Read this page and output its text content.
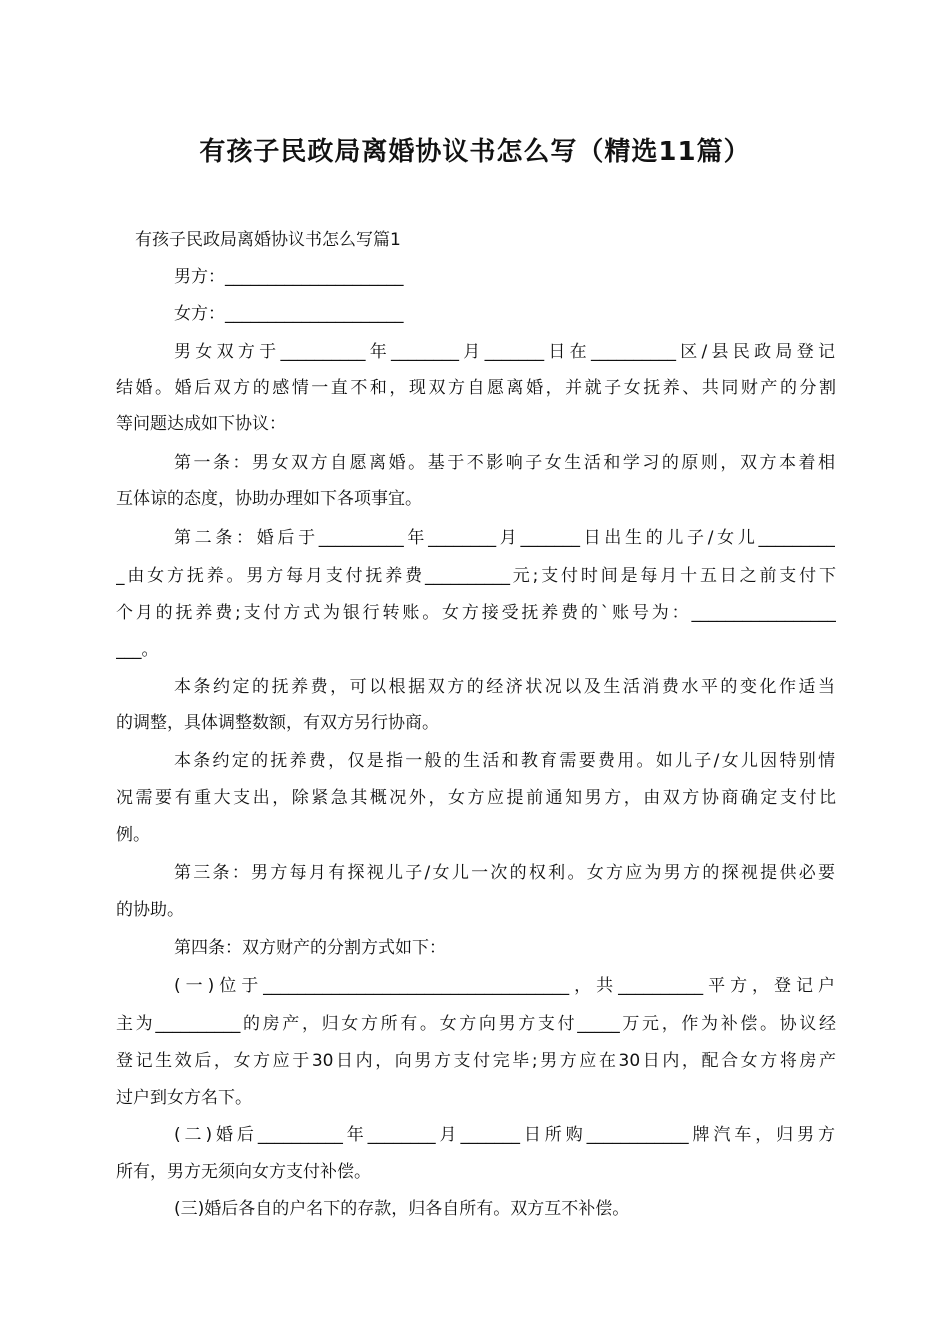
有孩子民政局离婚协议书怎么写（精选11篇）
有孩子民政局离婚协议书怎么写篇1
男方：_____________________
女方：_____________________
男女双方于__________年________月_______日在__________区/县民政局登记
结婚。婚后双方的感情一直不和，现双方自愿离婚，并就子女抚养、共同财产的分割
等问题达成如下协议：
第一条：男女双方自愿离婚。基于不影响子女生活和学习的原则，双方本着相
互体谅的态度，协助办理如下各项事宜。
第二条：婚后于__________年________月_______日出生的儿子/女儿_________
_由女方抚养。男方每月支付抚养费__________元;支付时间是每月十五日之前支付下
个月的抚养费;支付方式为银行转账。女方接受抚养费的`账号为：_________________
___。
本条约定的抚养费，可以根据双方的经济状况以及生活消费水平的变化作适当
的调整，具体调整数额，有双方另行协商。
本条约定的抚养费，仅是指一般的生活和教育需要费用。如儿子/女儿因特别情
况需要有重大支出，除紧急其概况外，女方应提前通知男方，由双方协商确定支付比
例。
第三条：男方每月有探视儿子/女儿一次的权利。女方应为男方的探视提供必要
的协助。
第四条：双方财产的分割方式如下：
(一)位于____________________________________，共__________平方，登记户
主为__________的房产，归女方所有。女方向男方支付_____万元，作为补偿。协议经
登记生效后，女方应于30日内，向男方支付完毕;男方应在30日内，配合女方将房产
过户到女方名下。
(二)婚后__________年________月_______日所购____________牌汽车，归男方
所有，男方无须向女方支付补偿。
(三)婚后各自的户名下的存款，归各自所有。双方互不补偿。
